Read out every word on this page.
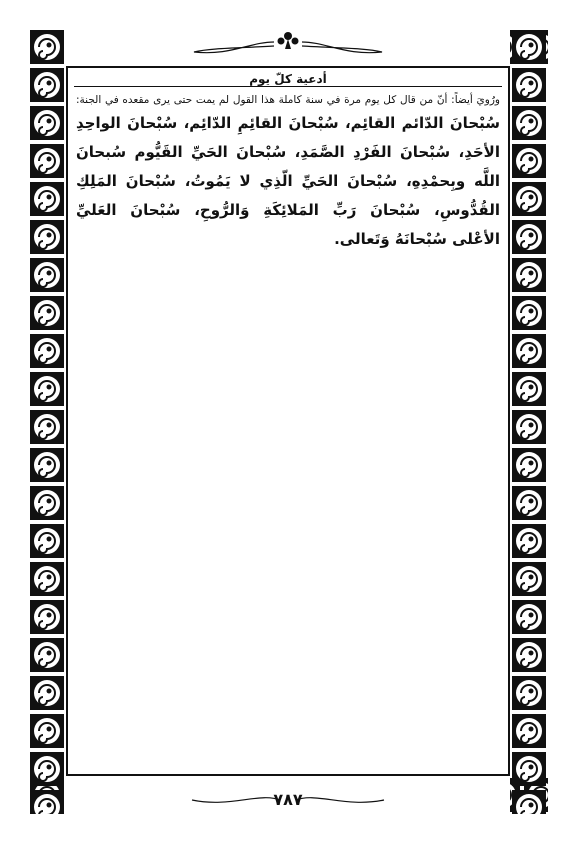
أدعية كلّ يوم
ورُويَ أيضاً: أنّ من قال كل يوم مرة في سنة كاملة هذا القول لم يمت حتى يرى مقعده في الجنة: سُبْحانَ الدّائم القائِم، سُبْحانَ القائِمِ الدّائِم، سُبْحانَ الواحِدِ الأحَدِ، سُبْحانَ الفَرْدِ الصَّمَدِ، سُبْحانَ الحَيِّ القَيُّوم سُبحانَ اللَّه وبِحمْدِهِ، سُبْحانَ الحَيِّ الّذِي لا يَمُوتُ، سُبْحانَ المَلِكِ القُدُّوسِ، سُبْحانَ رَبِّ المَلائِكَةِ وَالرُّوحِ، سُبْحانَ العَليِّ الأعْلى سُبْحانَهُ وَتَعالى.
٧٨٧
